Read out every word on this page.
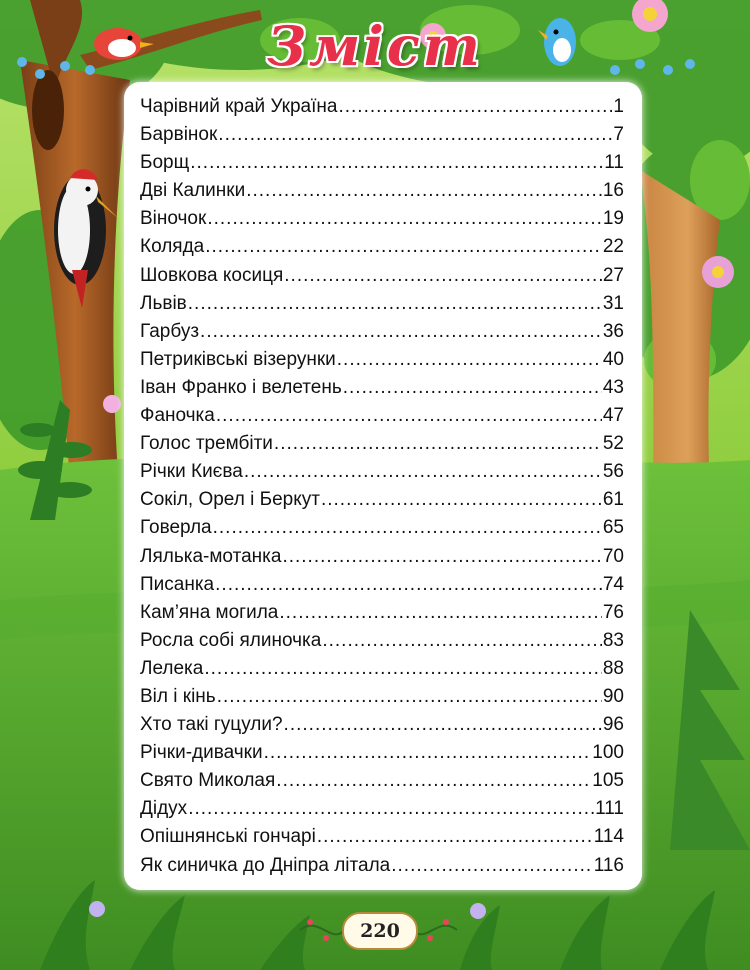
Зміст
Чарівний край Україна .....	1
Барвінок .....	7
Борщ .....	11
Дві Калинки .....	16
Віночок .....	19
Коляда .....	22
Шовкова косиця .....	27
Львів .....	31
Гарбуз .....	36
Петриківські візерунки .....	40
Іван Франко і велетень .....	43
Фаночка .....	47
Голос трембіти .....	52
Річки Києва .....	56
Сокіл, Орел і Беркут .....	61
Говерла .....	65
Лялька-мотанка .....	70
Писанка .....	74
Кам’яна могила .....	76
Росла собі ялиночка .....	83
Лелека .....	88
Віл і кінь .....	90
Хто такі гуцули? .....	96
Річки-дивачки .....	100
Свято Миколая .....	105
Дідух .....	111
Опішнянські гончарі .....	114
Як синичка до Дніпра літала .....	116
220
